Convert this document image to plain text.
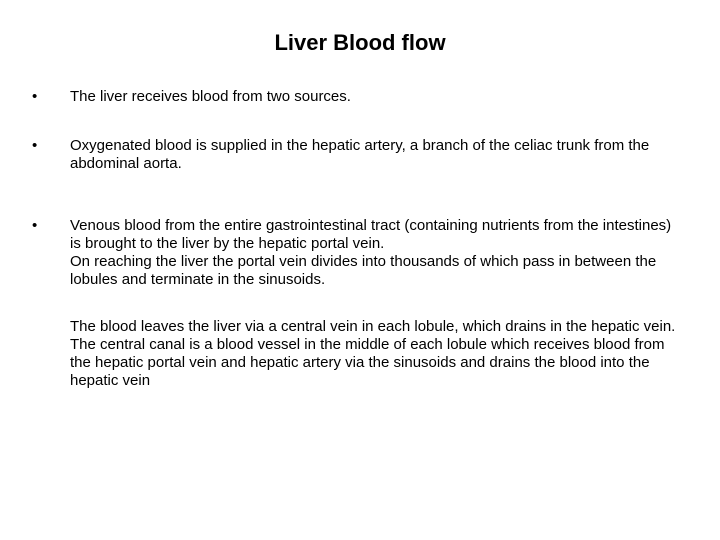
Liver Blood flow
•	The liver receives blood from two sources.

•	Oxygenated blood is supplied in the hepatic artery, a branch of the celiac trunk from the abdominal aorta.

•	Venous blood from the entire gastrointestinal tract (containing nutrients from the intestines) is brought to the liver by the hepatic portal vein.

On reaching the liver the portal vein divides into thousands of which pass in between the lobules and terminate in the sinusoids.

The blood leaves the liver via a central vein in each lobule, which drains in the hepatic vein.

The central canal is a blood vessel in the middle of each lobule which receives blood from the hepatic portal vein and hepatic artery via the sinusoids and drains the blood into the hepatic vein
